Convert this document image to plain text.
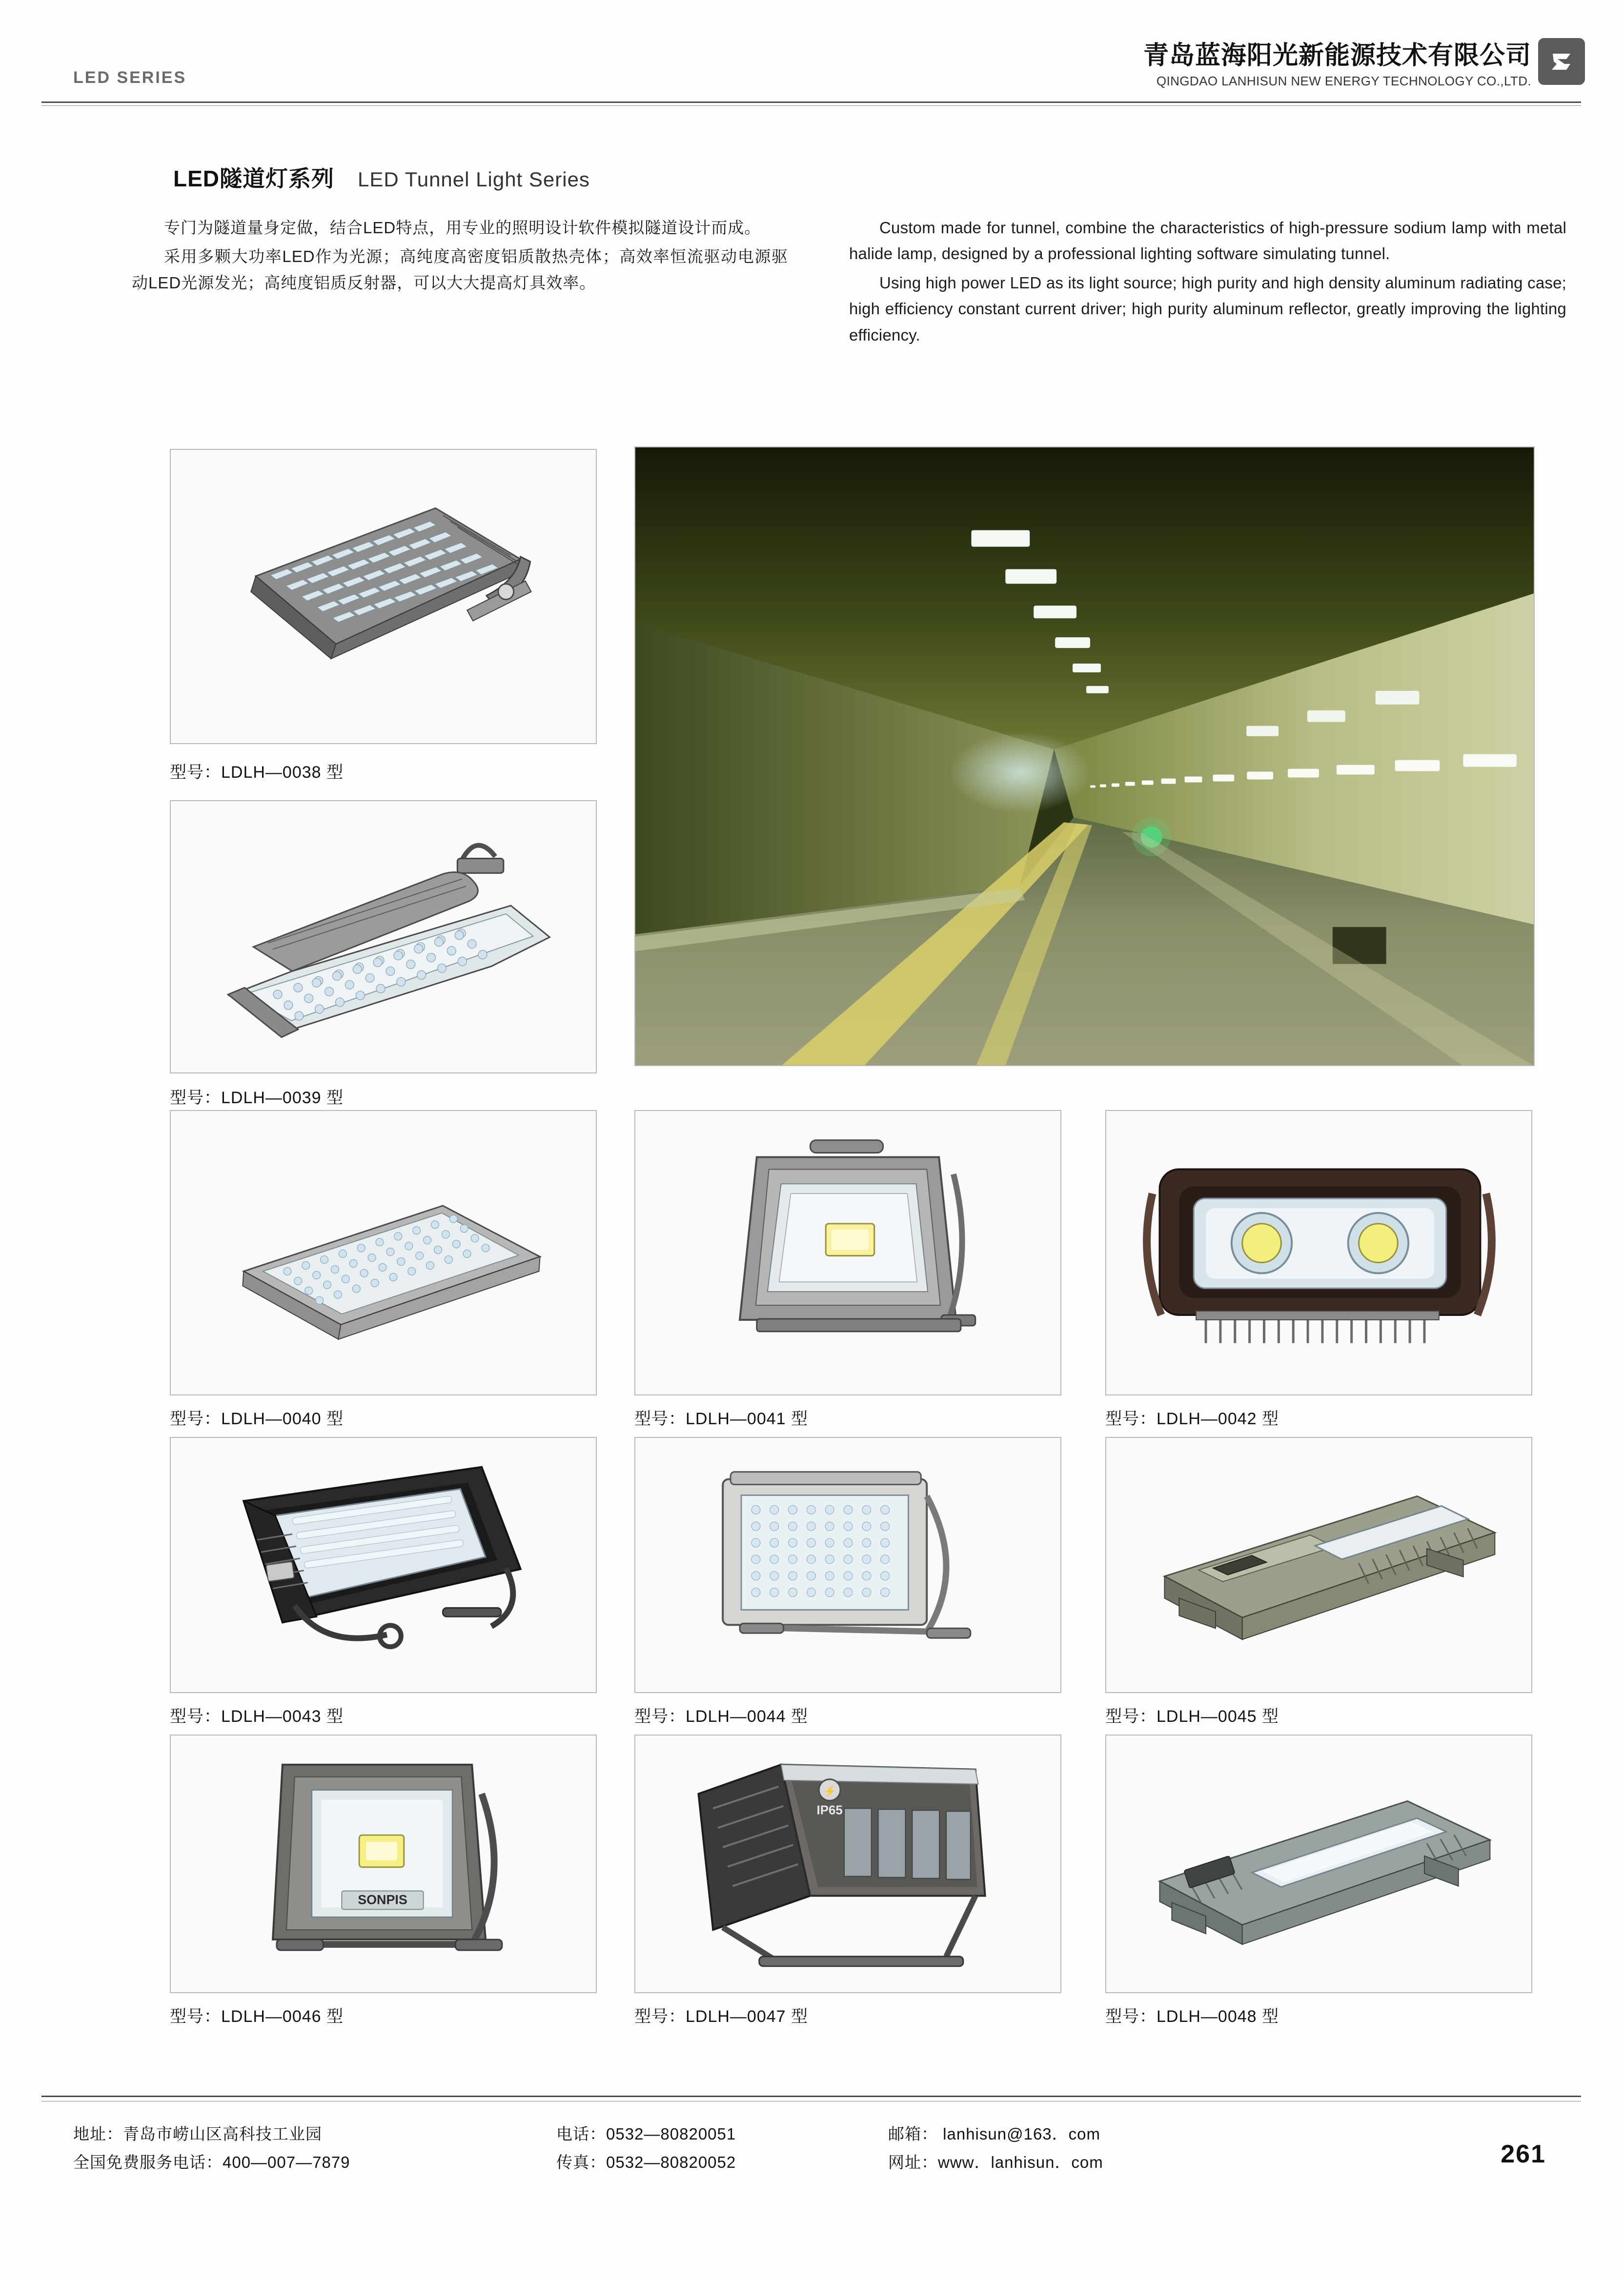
LED SERIES
青岛蓝海阳光新能源技术有限公司
QINGDAO LANHISUN NEW ENERGY TECHNOLOGY CO.,LTD.
LED隧道灯系列 LED Tunnel Light Series

专门为隧道量身定做，结合LED特点，用专业的照明设计软件模拟隧道设计而成。

采用多颗大功率LED作为光源；高纯度高密度铝质散热壳体；高效率恒流驱动电源驱动LED光源发光；高纯度铝质反射器，可以大大提高灯具效率。

Custom made for tunnel, combine the characteristics of high-pressure sodium lamp with metal halide lamp, designed by a professional lighting software simulating tunnel.

Using high power LED as its light source; high purity and high density aluminum radiating case; high efficiency constant current driver; high purity aluminum reflector, greatly improving the lighting efficiency.

型号：LDLH—0038 型
型号：LDLH—0039 型
型号：LDLH—0040 型	型号：LDLH—0041 型	型号：LDLH—0042 型
型号：LDLH—0043 型	型号：LDLH—0044 型	型号：LDLH—0045 型
SONPIS
型号：LDLH—0046 型
⚡
IP65
型号：LDLH—0047 型	型号：LDLH—0048 型
地址：青岛市崂山区高科技工业园
全国免费服务电话：400—007—7879
电话：0532—80820051
传真：0532—80820052
邮箱： lanhisun@163．com
网址：www．lanhisun．com	261
